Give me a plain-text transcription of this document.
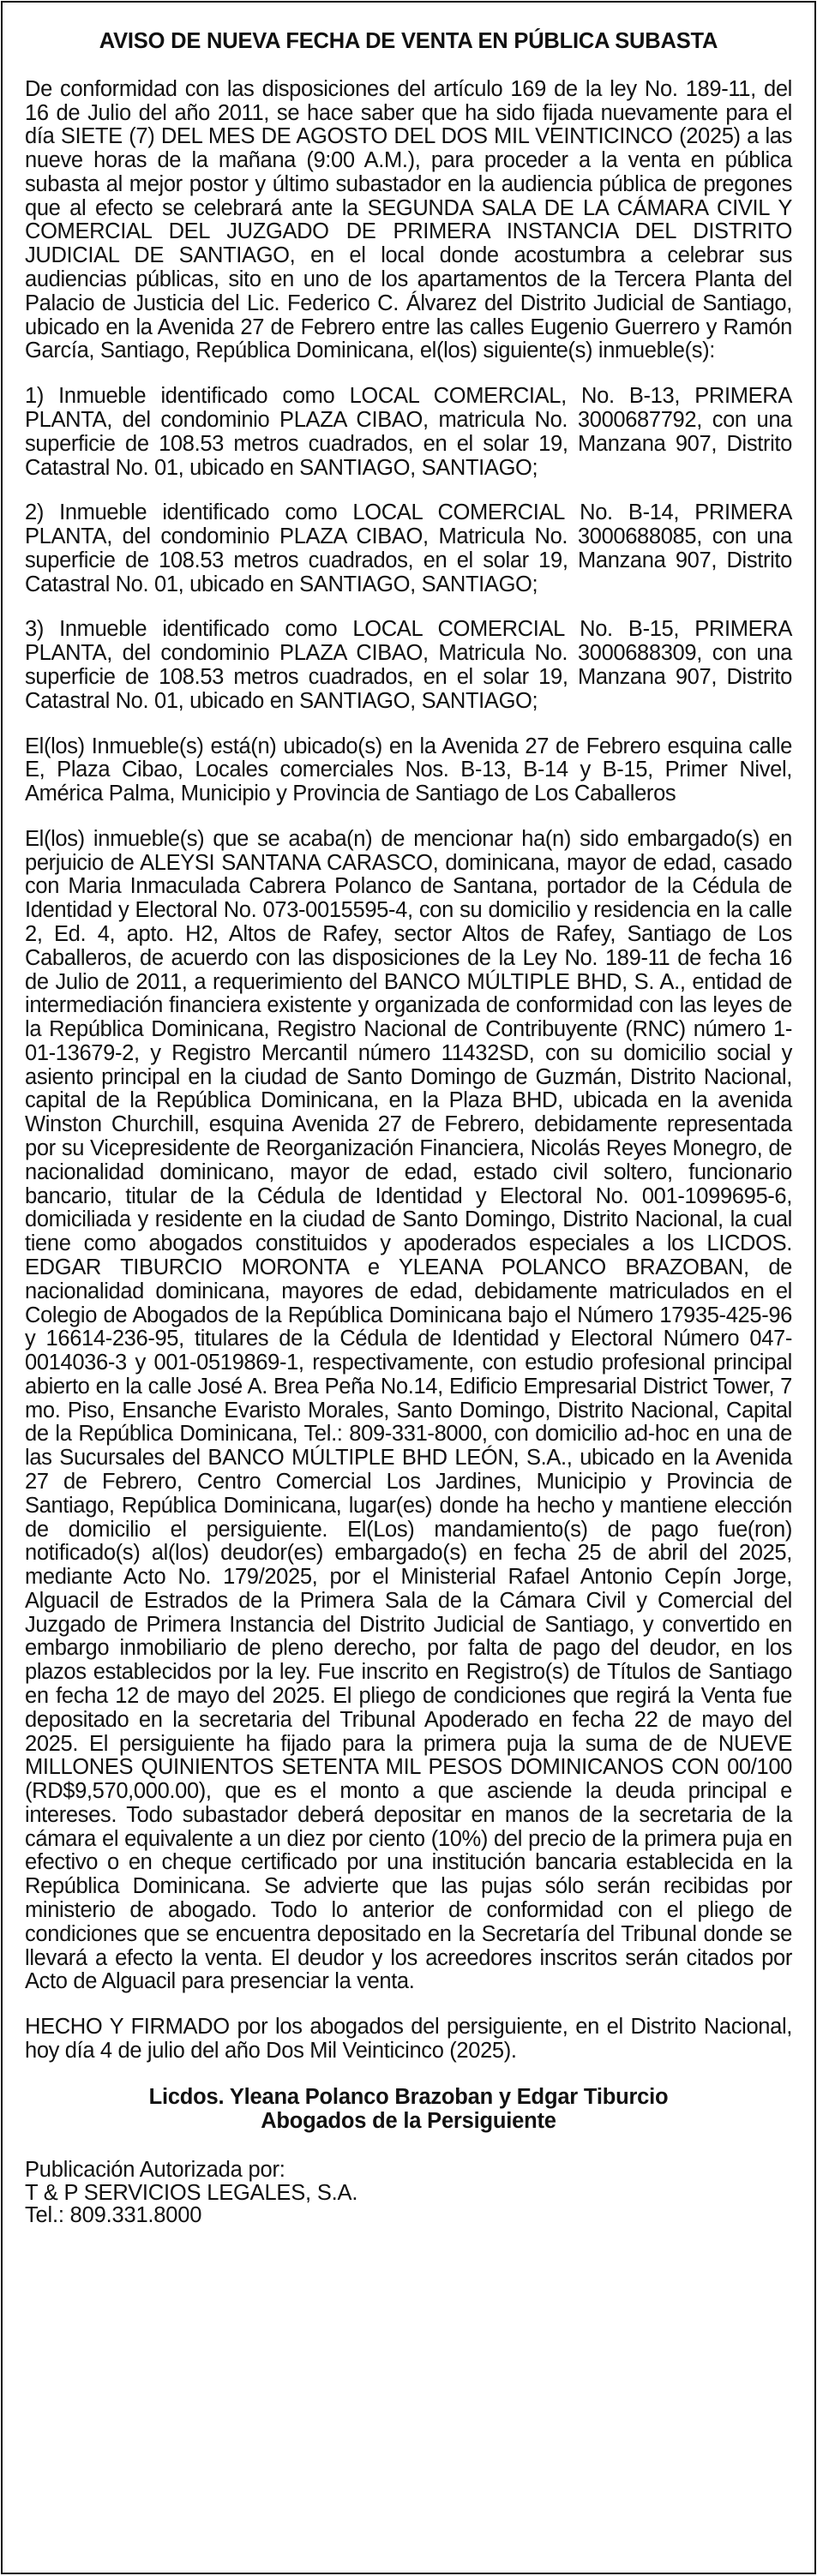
AVISO DE NUEVA FECHA DE VENTA EN PÚBLICA SUBASTA

De conformidad con las disposiciones del artículo 169 de la ley No. 189-11, del 16 de Julio del año 2011, se hace saber que ha sido fijada nuevamente para el día SIETE (7) DEL MES DE AGOSTO DEL DOS MIL VEINTICINCO (2025) a las nueve horas de la mañana (9:00 A.M.), para proceder a la venta en pública subasta al mejor postor y último subastador en la audiencia pública de pregones que al efecto se celebrará ante la SEGUNDA SALA DE LA CÁMARA CIVIL Y COMERCIAL DEL JUZGADO DE PRIMERA INSTANCIA DEL DISTRITO JUDICIAL DE SANTIAGO, en el local donde acostumbra a celebrar sus audiencias públicas, sito en uno de los apartamentos de la Tercera Planta del Palacio de Justicia del Lic. Federico C. Álvarez del Distrito Judicial de Santiago, ubicado en la Avenida 27 de Febrero entre las calles Eugenio Guerrero y Ramón García, Santiago, República Dominicana, el(los) siguiente(s) inmueble(s):

1) Inmueble identificado como LOCAL COMERCIAL, No. B-13, PRIMERA PLANTA, del condominio PLAZA CIBAO, matricula No. 3000687792, con una superficie de 108.53 metros cuadrados, en el solar 19, Manzana 907, Distrito Catastral No. 01, ubicado en SANTIAGO, SANTIAGO;

2) Inmueble identificado como LOCAL COMERCIAL No. B-14, PRIMERA PLANTA, del condominio PLAZA CIBAO, Matricula No. 3000688085, con una superficie de 108.53 metros cuadrados, en el solar 19, Manzana 907, Distrito Catastral No. 01, ubicado en SANTIAGO, SANTIAGO;

3) Inmueble identificado como LOCAL COMERCIAL No. B-15, PRIMERA PLANTA, del condominio PLAZA CIBAO, Matricula No. 3000688309, con una superficie de 108.53 metros cuadrados, en el solar 19, Manzana 907, Distrito Catastral No. 01, ubicado en SANTIAGO, SANTIAGO;

El(los) Inmueble(s) está(n) ubicado(s) en la Avenida 27 de Febrero esquina calle E, Plaza Cibao, Locales comerciales Nos. B-13, B-14 y B-15, Primer Nivel, América Palma, Municipio y Provincia de Santiago de Los Caballeros

El(los) inmueble(s) que se acaba(n) de mencionar ha(n) sido embargado(s) en perjuicio de ALEYSI SANTANA CARASCO, dominicana, mayor de edad, casado con Maria Inmaculada Cabrera Polanco de Santana, portador de la Cédula de Identidad y Electoral No. 073-0015595-4, con su domicilio y residencia en la calle 2, Ed. 4, apto. H2, Altos de Rafey, sector Altos de Rafey, Santiago de Los Caballeros, de acuerdo con las disposiciones de la Ley No. 189-11 de fecha 16 de Julio de 2011, a requerimiento del BANCO MÚLTIPLE BHD, S. A., entidad de intermediación financiera existente y organizada de conformidad con las leyes de la República Dominicana, Registro Nacional de Contribuyente (RNC) número 1-01-13679-2, y Registro Mercantil número 11432SD, con su domicilio social y asiento principal en la ciudad de Santo Domingo de Guzmán, Distrito Nacional, capital de la República Dominicana, en la Plaza BHD, ubicada en la avenida Winston Churchill, esquina Avenida 27 de Febrero, debidamente representada por su Vicepresidente de Reorganización Financiera, Nicolás Reyes Monegro, de nacionalidad dominicano, mayor de edad, estado civil soltero, funcionario bancario, titular de la Cédula de Identidad y Electoral No. 001-1099695-6, domiciliada y residente en la ciudad de Santo Domingo, Distrito Nacional, la cual tiene como abogados constituidos y apoderados especiales a los LICDOS. EDGAR TIBURCIO MORONTA e YLEANA POLANCO BRAZOBAN, de nacionalidad dominicana, mayores de edad, debidamente matriculados en el Colegio de Abogados de la República Dominicana bajo el Número 17935-425-96 y 16614-236-95, titulares de la Cédula de Identidad y Electoral Número 047-0014036-3 y 001-0519869-1, respectivamente, con estudio profesional principal abierto en la calle José A. Brea Peña No.14, Edificio Empresarial District Tower, 7 mo. Piso, Ensanche Evaristo Morales, Santo Domingo, Distrito Nacional, Capital de la República Dominicana, Tel.: 809-331-8000, con domicilio ad-hoc en una de las Sucursales del BANCO MÚLTIPLE BHD LEÓN, S.A., ubicado en la Avenida 27 de Febrero, Centro Comercial Los Jardines, Municipio y Provincia de Santiago, República Dominicana, lugar(es) donde ha hecho y mantiene elección de domicilio el persiguiente. El(Los) mandamiento(s) de pago fue(ron) notificado(s) al(los) deudor(es) embargado(s) en fecha 25 de abril del 2025, mediante Acto No. 179/2025, por el Ministerial Rafael Antonio Cepín Jorge, Alguacil de Estrados de la Primera Sala de la Cámara Civil y Comercial del Juzgado de Primera Instancia del Distrito Judicial de Santiago, y convertido en embargo inmobiliario de pleno derecho, por falta de pago del deudor, en los plazos establecidos por la ley. Fue inscrito en Registro(s) de Títulos de Santiago en fecha 12 de mayo del 2025. El pliego de condiciones que regirá la Venta fue depositado en la secretaria del Tribunal Apoderado en fecha 22 de mayo del 2025. El persiguiente ha fijado para la primera puja la suma de de NUEVE MILLONES QUINIENTOS SETENTA MIL PESOS DOMINICANOS CON 00/100 (RD$9,570,000.00), que es el monto a que asciende la deuda principal e intereses. Todo subastador deberá depositar en manos de la secretaria de la cámara el equivalente a un diez por ciento (10%) del precio de la primera puja en efectivo o en cheque certificado por una institución bancaria establecida en la República Dominicana. Se advierte que las pujas sólo serán recibidas por ministerio de abogado. Todo lo anterior de conformidad con el pliego de condiciones que se encuentra depositado en la Secretaría del Tribunal donde se llevará a efecto la venta. El deudor y los acreedores inscritos serán citados por Acto de Alguacil para presenciar la venta.

HECHO Y FIRMADO por los abogados del persiguiente, en el Distrito Nacional, hoy día 4 de julio del año Dos Mil Veinticinco (2025).

Licdos. Yleana Polanco Brazoban y Edgar Tiburcio
Abogados de la Persiguiente
Publicación Autorizada por:
T & P SERVICIOS LEGALES, S.A.
Tel.: 809.331.8000
